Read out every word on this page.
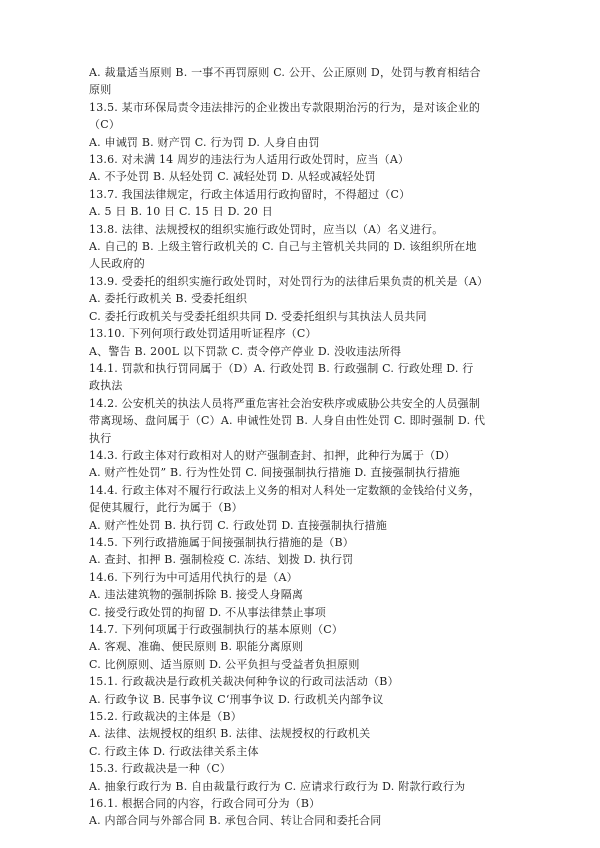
A. 裁量适当原则 B. 一事不再罚原则 C. 公开、公正原则 D，处罚与教育相结合
原则
13.5. 某市环保局责令违法排污的企业拨出专款限期治污的行为，是对该企业的
（C）
A. 申诫罚 B. 财产罚 C. 行为罚 D. 人身自由罚
13.6. 对未满 14 周岁的违法行为人适用行政处罚时，应当（A）
A. 不予处罚 B. 从轻处罚 C. 减轻处罚 D. 从轻或减轻处罚
13.7. 我国法律规定，行政主体适用行政拘留时，不得超过（C）
A. 5 日 B. 10 日 C. 15 日 D. 20 日
13.8. 法律、法规授权的组织实施行政处罚时，应当以（A）名义进行。
A. 自己的 B. 上级主管行政机关的 C. 自己与主管机关共同的 D. 该组织所在地
人民政府的
13.9. 受委托的组织实施行政处罚时，对处罚行为的法律后果负责的机关是（A）
A. 委托行政机关 B. 受委托组织
C. 委托行政机关与受委托组织共同 D. 受委托组织与其执法人员共同
13.10. 下列何项行政处罚适用听证程序（C）
A、警告 B. 200L 以下罚款 C. 责令停产停业 D. 没收违法所得
14.1. 罚款和执行罚同属于（D）A. 行政处罚 B. 行政强制 C. 行政处理 D. 行
政执法
14.2. 公安机关的执法人员将严重危害社会治安秩序或威胁公共安全的人员强制
带离现场、盘问属于（C）A. 申诫性处罚 B. 人身自由性处罚 C. 即时强制 D. 代
执行
14.3. 行政主体对行政相对人的财产强制查封、扣押，此种行为属于（D）
A. 财产性处罚” B. 行为性处罚 C. 间接强制执行措施 D. 直接强制执行措施
14.4. 行政主体对不履行行政法上义务的相对人科处一定数额的金钱给付义务，
促使其履行，此行为属于（B）
A. 财产性处罚 B. 执行罚 C. 行政处罚 D. 直接强制执行措施
14.5. 下列行政措施属于间接强制执行措施的是（B）
A. 查封、扣押 B. 强制检疫 C. 冻结、划拨 D. 执行罚
14.6. 下列行为中可适用代执行的是（A）
A. 违法建筑物的强制拆除 B. 接受人身隔离
C. 接受行政处罚的拘留 D. 不从事法律禁止事项
14.7. 下列何项属于行政强制执行的基本原则（C）
A. 客观、准确、便民原则 B. 职能分离原则
C. 比例原则、适当原则 D. 公平负担与受益者负担原则
15.1. 行政裁决是行政机关裁决何种争议的行政司法活动（B）
A. 行政争议 B. 民事争议 C‘刑事争议 D. 行政机关内部争议
15.2. 行政裁决的主体是（B）
A. 法律、法规授权的组织 B. 法律、法规授权的行政机关
C. 行政主体 D. 行政法律关系主体
15.3. 行政裁决是一种（C）
A. 抽象行政行为 B. 自由裁量行政行为 C. 应请求行政行为 D. 附款行政行为
16.1. 根据合同的内容，行政合同可分为（B）
A. 内部合同与外部合同 B. 承包合同、转让合同和委托合同
